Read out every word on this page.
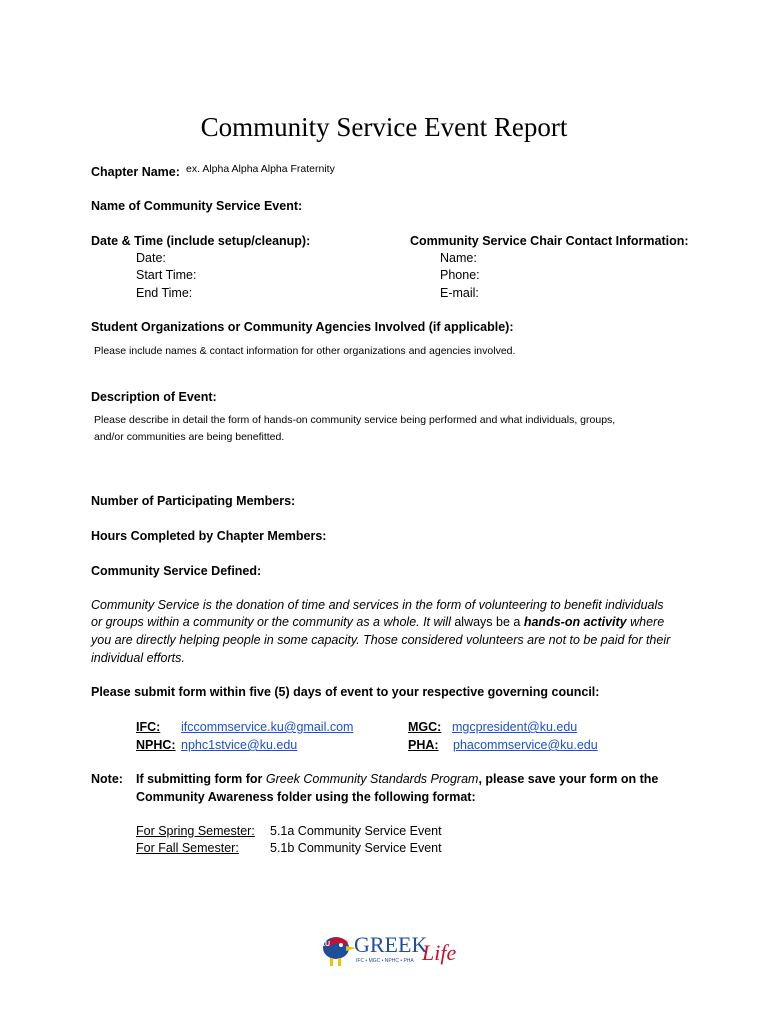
Community Service Event Report
Chapter Name: ex. Alpha Alpha Alpha Fraternity
Name of Community Service Event:
Date & Time (include setup/cleanup):
Date:
Start Time:
End Time:
Community Service Chair Contact Information:
Name:
Phone:
E-mail:
Student Organizations or Community Agencies Involved (if applicable):
Please include names & contact information for other organizations and agencies involved.
Description of Event:
Please describe in detail the form of hands-on community service being performed and what individuals, groups,
and/or communities are being benefitted.
Number of Participating Members:
Hours Completed by Chapter Members:
Community Service Defined:
Community Service is the donation of time and services in the form of volunteering to benefit individuals
or groups within a community or the community as a whole. It will always be a hands-on activity where
you are directly helping people in some capacity. Those considered volunteers are not to be paid for their
individual efforts.
Please submit form within five (5) days of event to your respective governing council:
IFC: ifccommservice.ku@gmail.com
NPHC: nphc1stvice@ku.edu
MGC: mgcpresident@ku.edu
PHA: phacommservice@ku.edu
Note: If submitting form for Greek Community Standards Program, please save your form on the
Community Awareness folder using the following format:
For Spring Semester: 5.1a Community Service Event
For Fall Semester: 5.1b Community Service Event
KU GREEK
Life
IFC • MGC • NPHC • PHA
